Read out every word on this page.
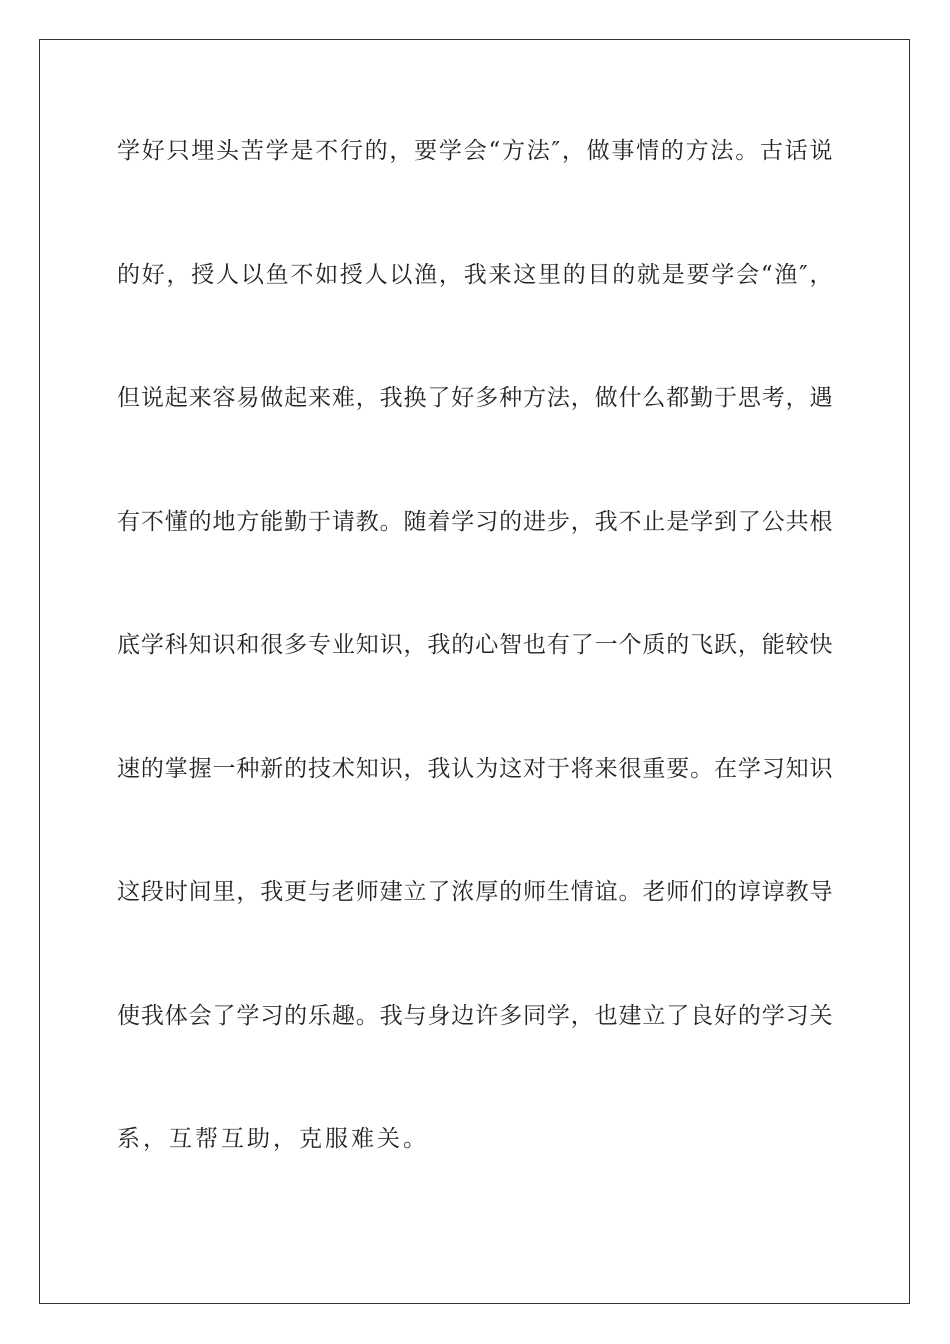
学好只埋头苦学是不行的，要学会“方法″，做事情的方法。古话说
的好，授人以鱼不如授人以渔，我来这里的目的就是要学会“渔″，
但说起来容易做起来难，我换了好多种方法，做什么都勤于思考，遇
有不懂的地方能勤于请教。随着学习的进步，我不止是学到了公共根
底学科知识和很多专业知识，我的心智也有了一个质的飞跃，能较快
速的掌握一种新的技术知识，我认为这对于将来很重要。在学习知识
这段时间里，我更与老师建立了浓厚的师生情谊。老师们的谆谆教导
使我体会了学习的乐趣。我与身边许多同学，也建立了良好的学习关
系，互帮互助，克服难关。
